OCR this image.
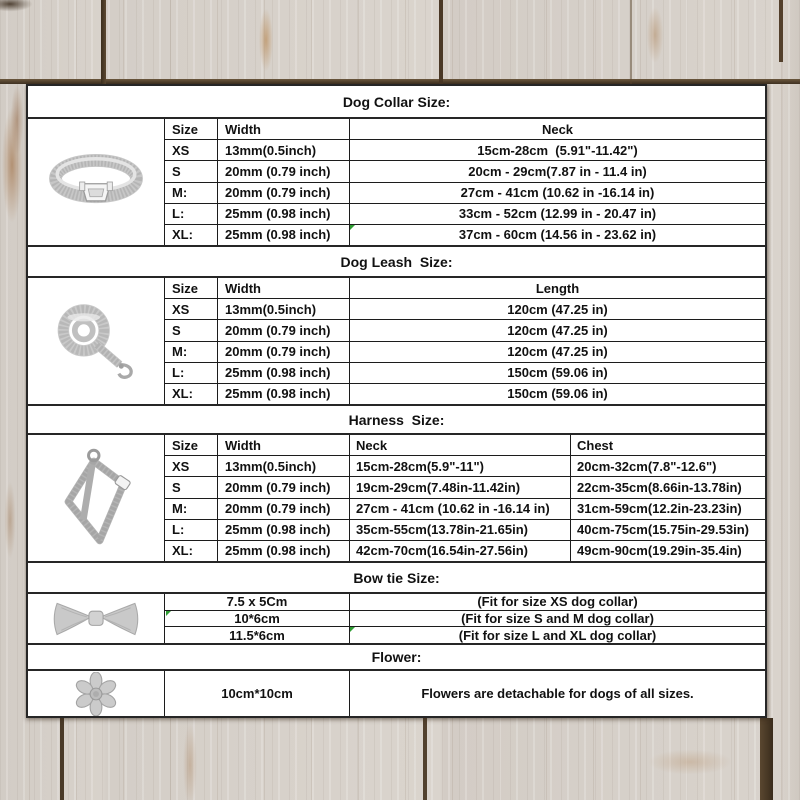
Dog Collar Size:
Size	Width	Neck
XS	13mm(0.5inch)	15cm-28cm  (5.91"-11.42")
S	20mm (0.79 inch)	20cm - 29cm(7.87 in - 11.4 in)
M:	20mm (0.79 inch)	27cm - 41cm (10.62 in -16.14 in)
L:	25mm (0.98 inch)	33cm - 52cm (12.99 in - 20.47 in)
XL:	25mm (0.98 inch)	37cm - 60cm (14.56 in - 23.62 in)
Dog Leash  Size:
Size	Width	Length
XS	13mm(0.5inch)	120cm (47.25 in)
S	20mm (0.79 inch)	120cm (47.25 in)
M:	20mm (0.79 inch)	120cm (47.25 in)
L:	25mm (0.98 inch)	150cm (59.06 in)
XL:	25mm (0.98 inch)	150cm (59.06 in)
Harness  Size:
Size	Width	Neck	Chest
XS	13mm(0.5inch)	15cm-28cm(5.9"-11")	20cm-32cm(7.8"-12.6")
S	20mm (0.79 inch)	19cm-29cm(7.48in-11.42in)	22cm-35cm(8.66in-13.78in)
M:	20mm (0.79 inch)	27cm - 41cm (10.62 in -16.14 in)	31cm-59cm(12.2in-23.23in)
L:	25mm (0.98 inch)	35cm-55cm(13.78in-21.65in)	40cm-75cm(15.75in-29.53in)
XL:	25mm (0.98 inch)	42cm-70cm(16.54in-27.56in)	49cm-90cm(19.29in-35.4in)
Bow tie Size:
7.5 x 5Cm	(Fit for size XS dog collar)
10*6cm	(Fit for size S and M dog collar)
11.5*6cm	(Fit for size L and XL dog collar)
Flower:
10cm*10cm	Flowers are detachable for dogs of all sizes.
